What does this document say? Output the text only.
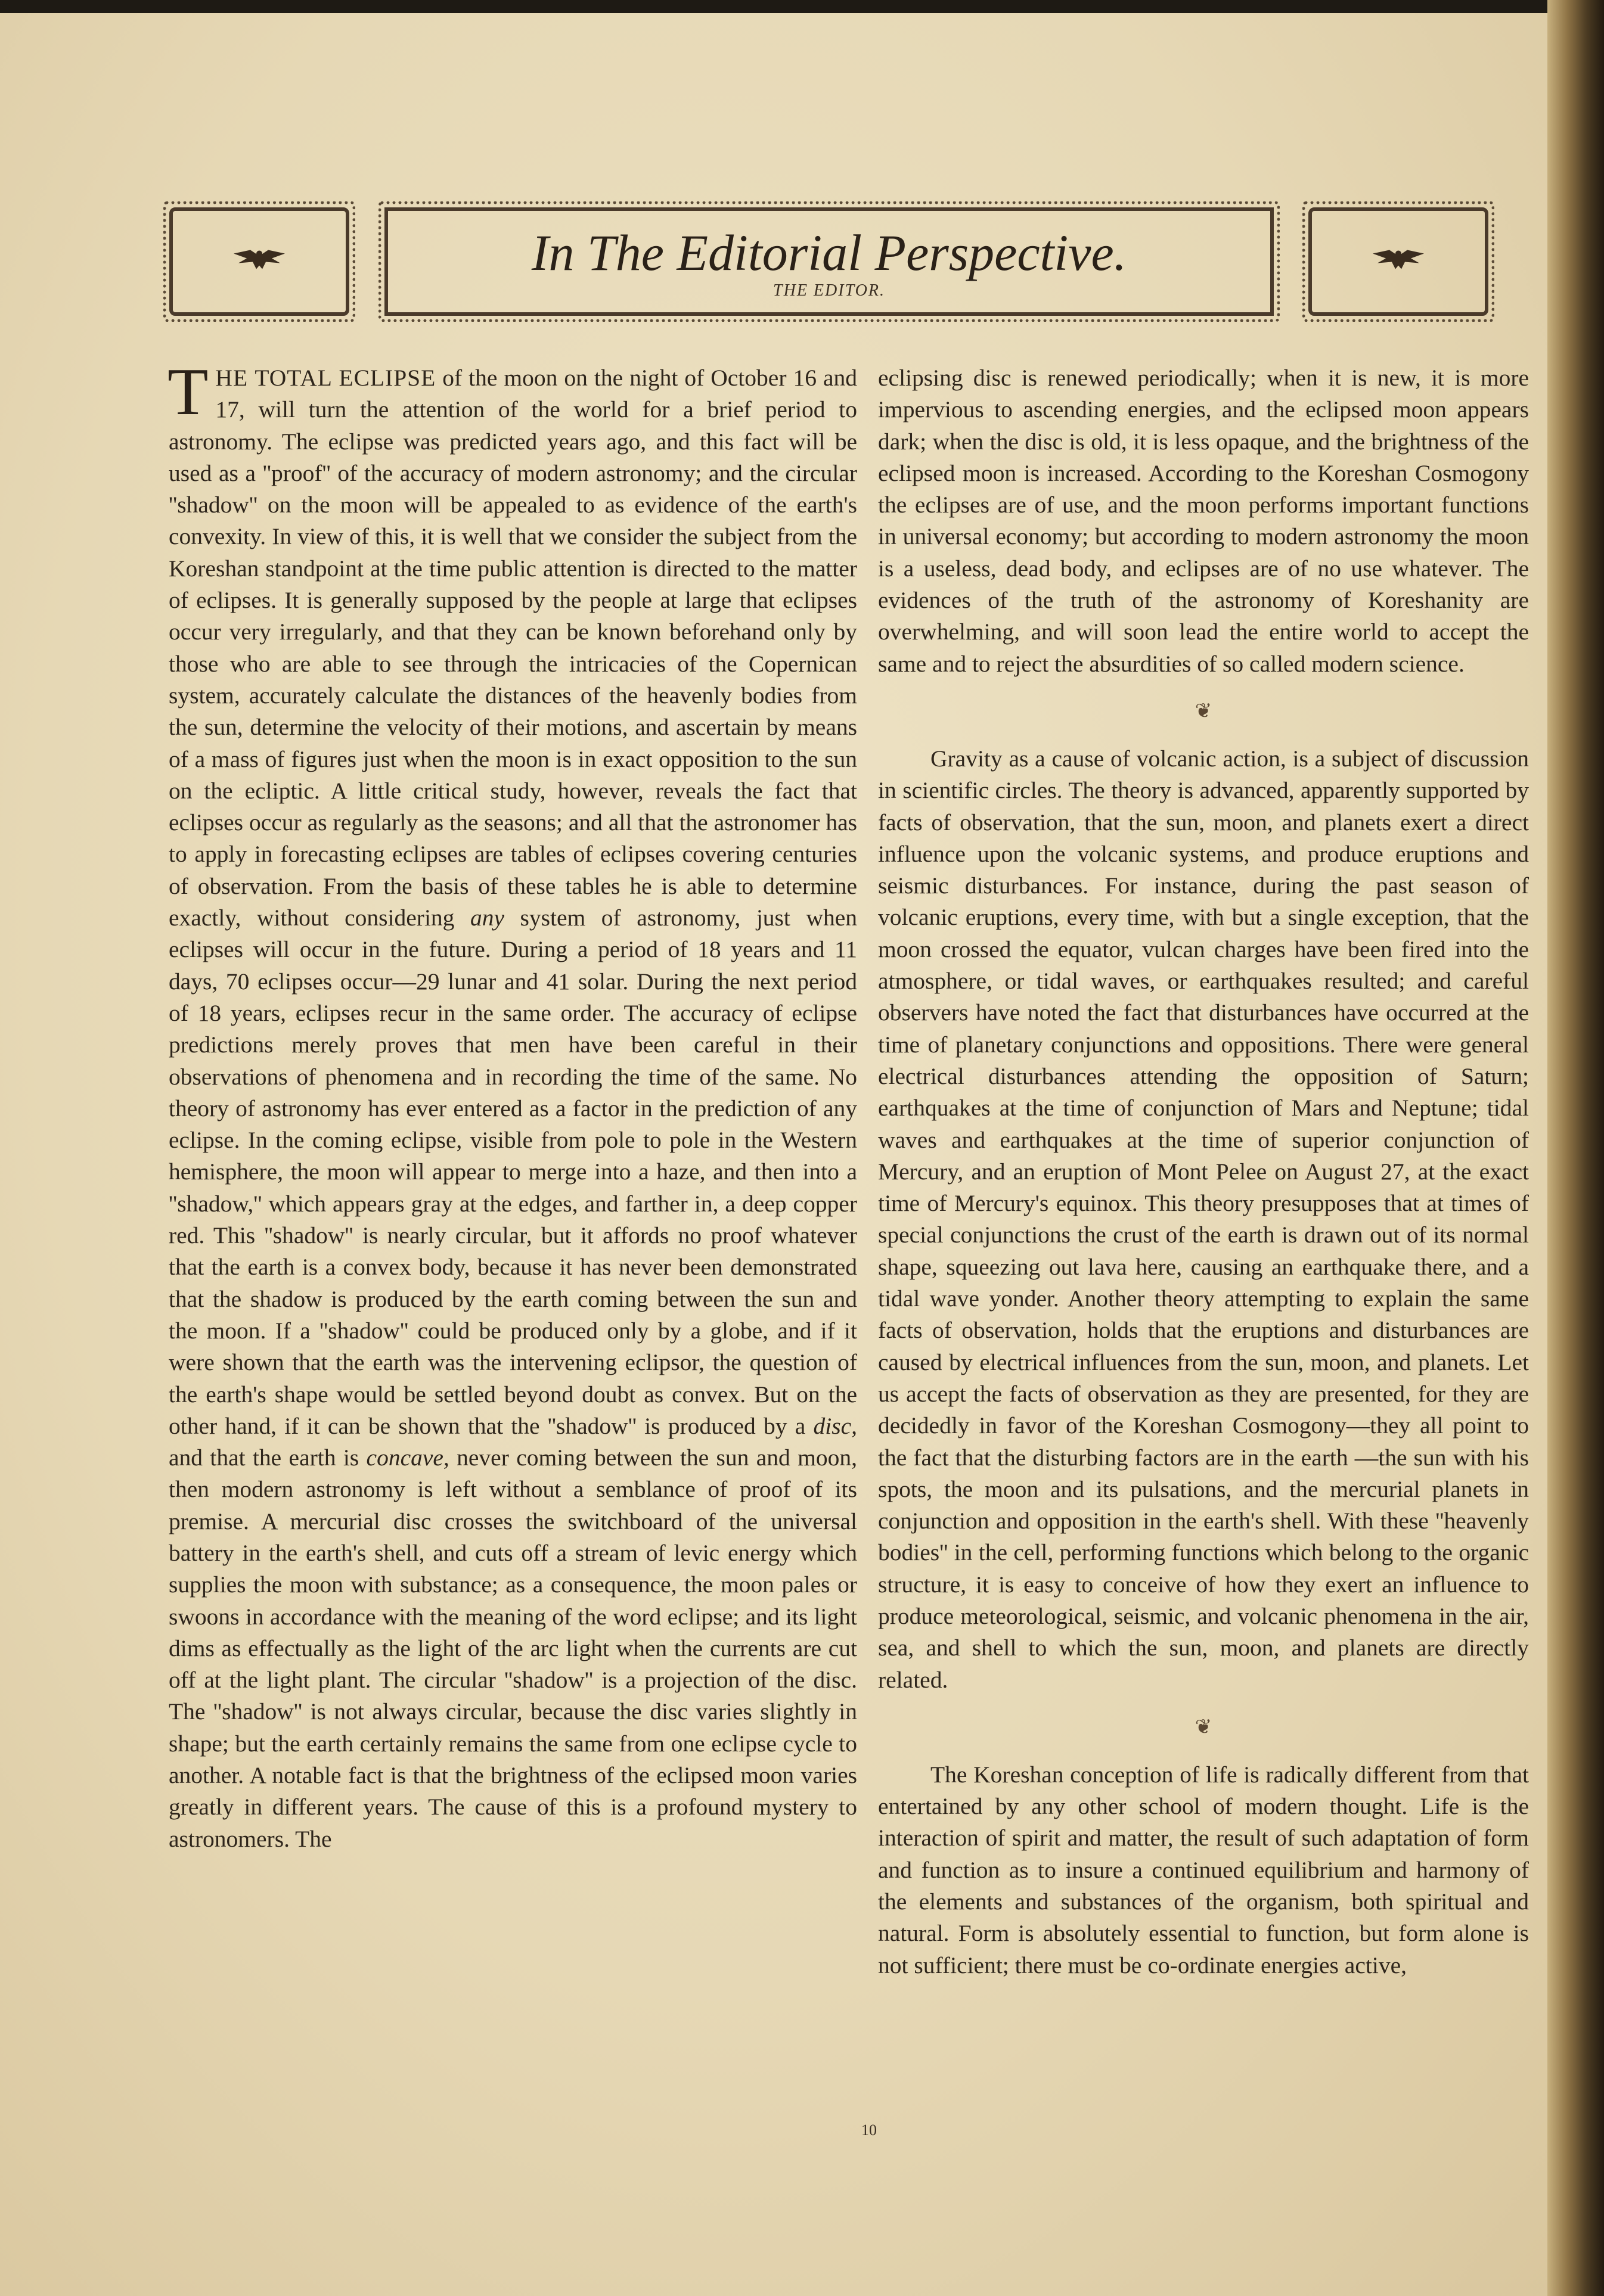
In The Editorial Perspective.
THE EDITOR.

THE TOTAL ECLIPSE of the moon on the night of October 16 and 17, will turn the attention of the world for a brief period to astronomy. The eclipse was predicted years ago, and this fact will be used as a ''proof'' of the accuracy of modern astronomy; and the circular ''shadow'' on the moon will be appealed to as evidence of the earth's convexity. In view of this, it is well that we consider the subject from the Koreshan standpoint at the time public attention is directed to the matter of eclipses. It is generally supposed by the people at large that eclipses occur very irregularly, and that they can be known beforehand only by those who are able to see through the intricacies of the Copernican system, accurately calculate the distances of the heavenly bodies from the sun, determine the velocity of their motions, and ascertain by means of a mass of figures just when the moon is in exact opposition to the sun on the ecliptic. A little critical study, however, reveals the fact that eclipses occur as regularly as the seasons; and all that the astronomer has to apply in forecasting eclipses are tables of eclipses covering centuries of observation. From the basis of these tables he is able to determine exactly, without considering any system of astronomy, just when eclipses will occur in the future. During a period of 18 years and 11 days, 70 eclipses occur—29 lunar and 41 solar. During the next period of 18 years, eclipses recur in the same order. The accuracy of eclipse predictions merely proves that men have been careful in their observations of phenomena and in recording the time of the same. No theory of astronomy has ever entered as a factor in the prediction of any eclipse. In the coming eclipse, visible from pole to pole in the Western hemisphere, the moon will appear to merge into a haze, and then into a ''shadow,'' which appears gray at the edges, and farther in, a deep copper red. This ''shadow'' is nearly circular, but it affords no proof whatever that the earth is a convex body, because it has never been demonstrated that the shadow is produced by the earth coming between the sun and the moon. If a ''shadow'' could be produced only by a globe, and if it were shown that the earth was the intervening eclipsor, the question of the earth's shape would be settled beyond doubt as convex. But on the other hand, if it can be shown that the ''shadow'' is produced by a disc, and that the earth is concave, never coming between the sun and moon, then modern astronomy is left without a semblance of proof of its premise. A mercurial disc crosses the switchboard of the universal battery in the earth's shell, and cuts off a stream of levic energy which supplies the moon with substance; as a consequence, the moon pales or swoons in accordance with the meaning of the word eclipse; and its light dims as effectually as the light of the arc light when the currents are cut off at the light plant. The circular ''shadow'' is a projection of the disc. The ''shadow'' is not always circular, because the disc varies slightly in shape; but the earth certainly remains the same from one eclipse cycle to another. A notable fact is that the brightness of the eclipsed moon varies greatly in different years. The cause of this is a profound mystery to astronomers. The

eclipsing disc is renewed periodically; when it is new, it is more impervious to ascending energies, and the eclipsed moon appears dark; when the disc is old, it is less opaque, and the brightness of the eclipsed moon is increased. According to the Koreshan Cosmogony the eclipses are of use, and the moon performs important functions in universal economy; but according to modern astronomy the moon is a useless, dead body, and eclipses are of no use whatever. The evidences of the truth of the astronomy of Koreshanity are overwhelming, and will soon lead the entire world to accept the same and to reject the absurdities of so called modern science.

❦

Gravity as a cause of volcanic action, is a subject of discussion in scientific circles. The theory is advanced, apparently supported by facts of observation, that the sun, moon, and planets exert a direct influence upon the volcanic systems, and produce eruptions and seismic disturbances. For instance, during the past season of volcanic eruptions, every time, with but a single exception, that the moon crossed the equator, vulcan charges have been fired into the atmosphere, or tidal waves, or earthquakes resulted; and careful observers have noted the fact that disturbances have occurred at the time of planetary conjunctions and oppositions. There were general electrical disturbances attending the opposition of Saturn; earthquakes at the time of conjunction of Mars and Neptune; tidal waves and earthquakes at the time of superior conjunction of Mercury, and an eruption of Mont Pelee on August 27, at the exact time of Mercury's equinox. This theory presupposes that at times of special conjunctions the crust of the earth is drawn out of its normal shape, squeezing out lava here, causing an earthquake there, and a tidal wave yonder. Another theory attempting to explain the same facts of observation, holds that the eruptions and disturbances are caused by electrical influences from the sun, moon, and planets. Let us accept the facts of observation as they are presented, for they are decidedly in favor of the Koreshan Cosmogony—they all point to the fact that the disturbing factors are in the earth —the sun with his spots, the moon and its pulsations, and the mercurial planets in conjunction and opposition in the earth's shell. With these ''heavenly bodies'' in the cell, performing functions which belong to the organic structure, it is easy to conceive of how they exert an influence to produce meteorological, seismic, and volcanic phenomena in the air, sea, and shell to which the sun, moon, and planets are directly related.

❦

The Koreshan conception of life is radically different from that entertained by any other school of modern thought. Life is the interaction of spirit and matter, the result of such adaptation of form and function as to insure a continued equilibrium and harmony of the elements and substances of the organism, both spiritual and natural. Form is absolutely essential to function, but form alone is not sufficient; there must be co-ordinate energies active,

10
